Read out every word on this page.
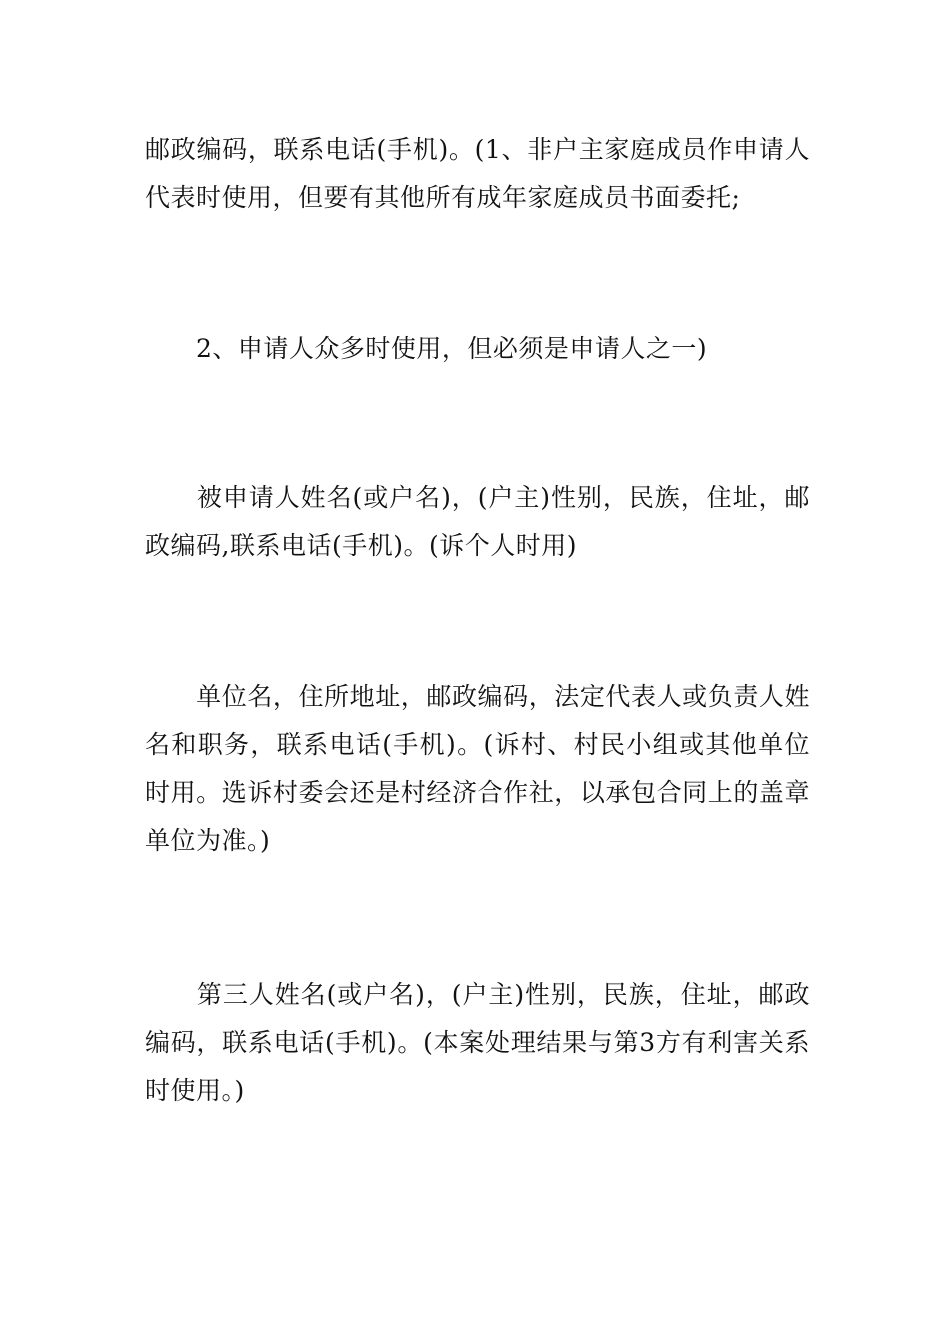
邮政编码，联系电话(手机)。(1、非户主家庭成员作申请人代表时使用，但要有其他所有成年家庭成员书面委托;

　　2、申请人众多时使用，但必须是申请人之一)

　　被申请人姓名(或户名)，(户主)性别，民族，住址，邮政编码,联系电话(手机)。(诉个人时用)

　　单位名，住所地址，邮政编码，法定代表人或负责人姓名和职务，联系电话(手机)。(诉村、村民小组或其他单位时用。选诉村委会还是村经济合作社，以承包合同上的盖章单位为准。)

　　第三人姓名(或户名)，(户主)性别，民族，住址，邮政编码，联系电话(手机)。(本案处理结果与第3方有利害关系时使用。)
